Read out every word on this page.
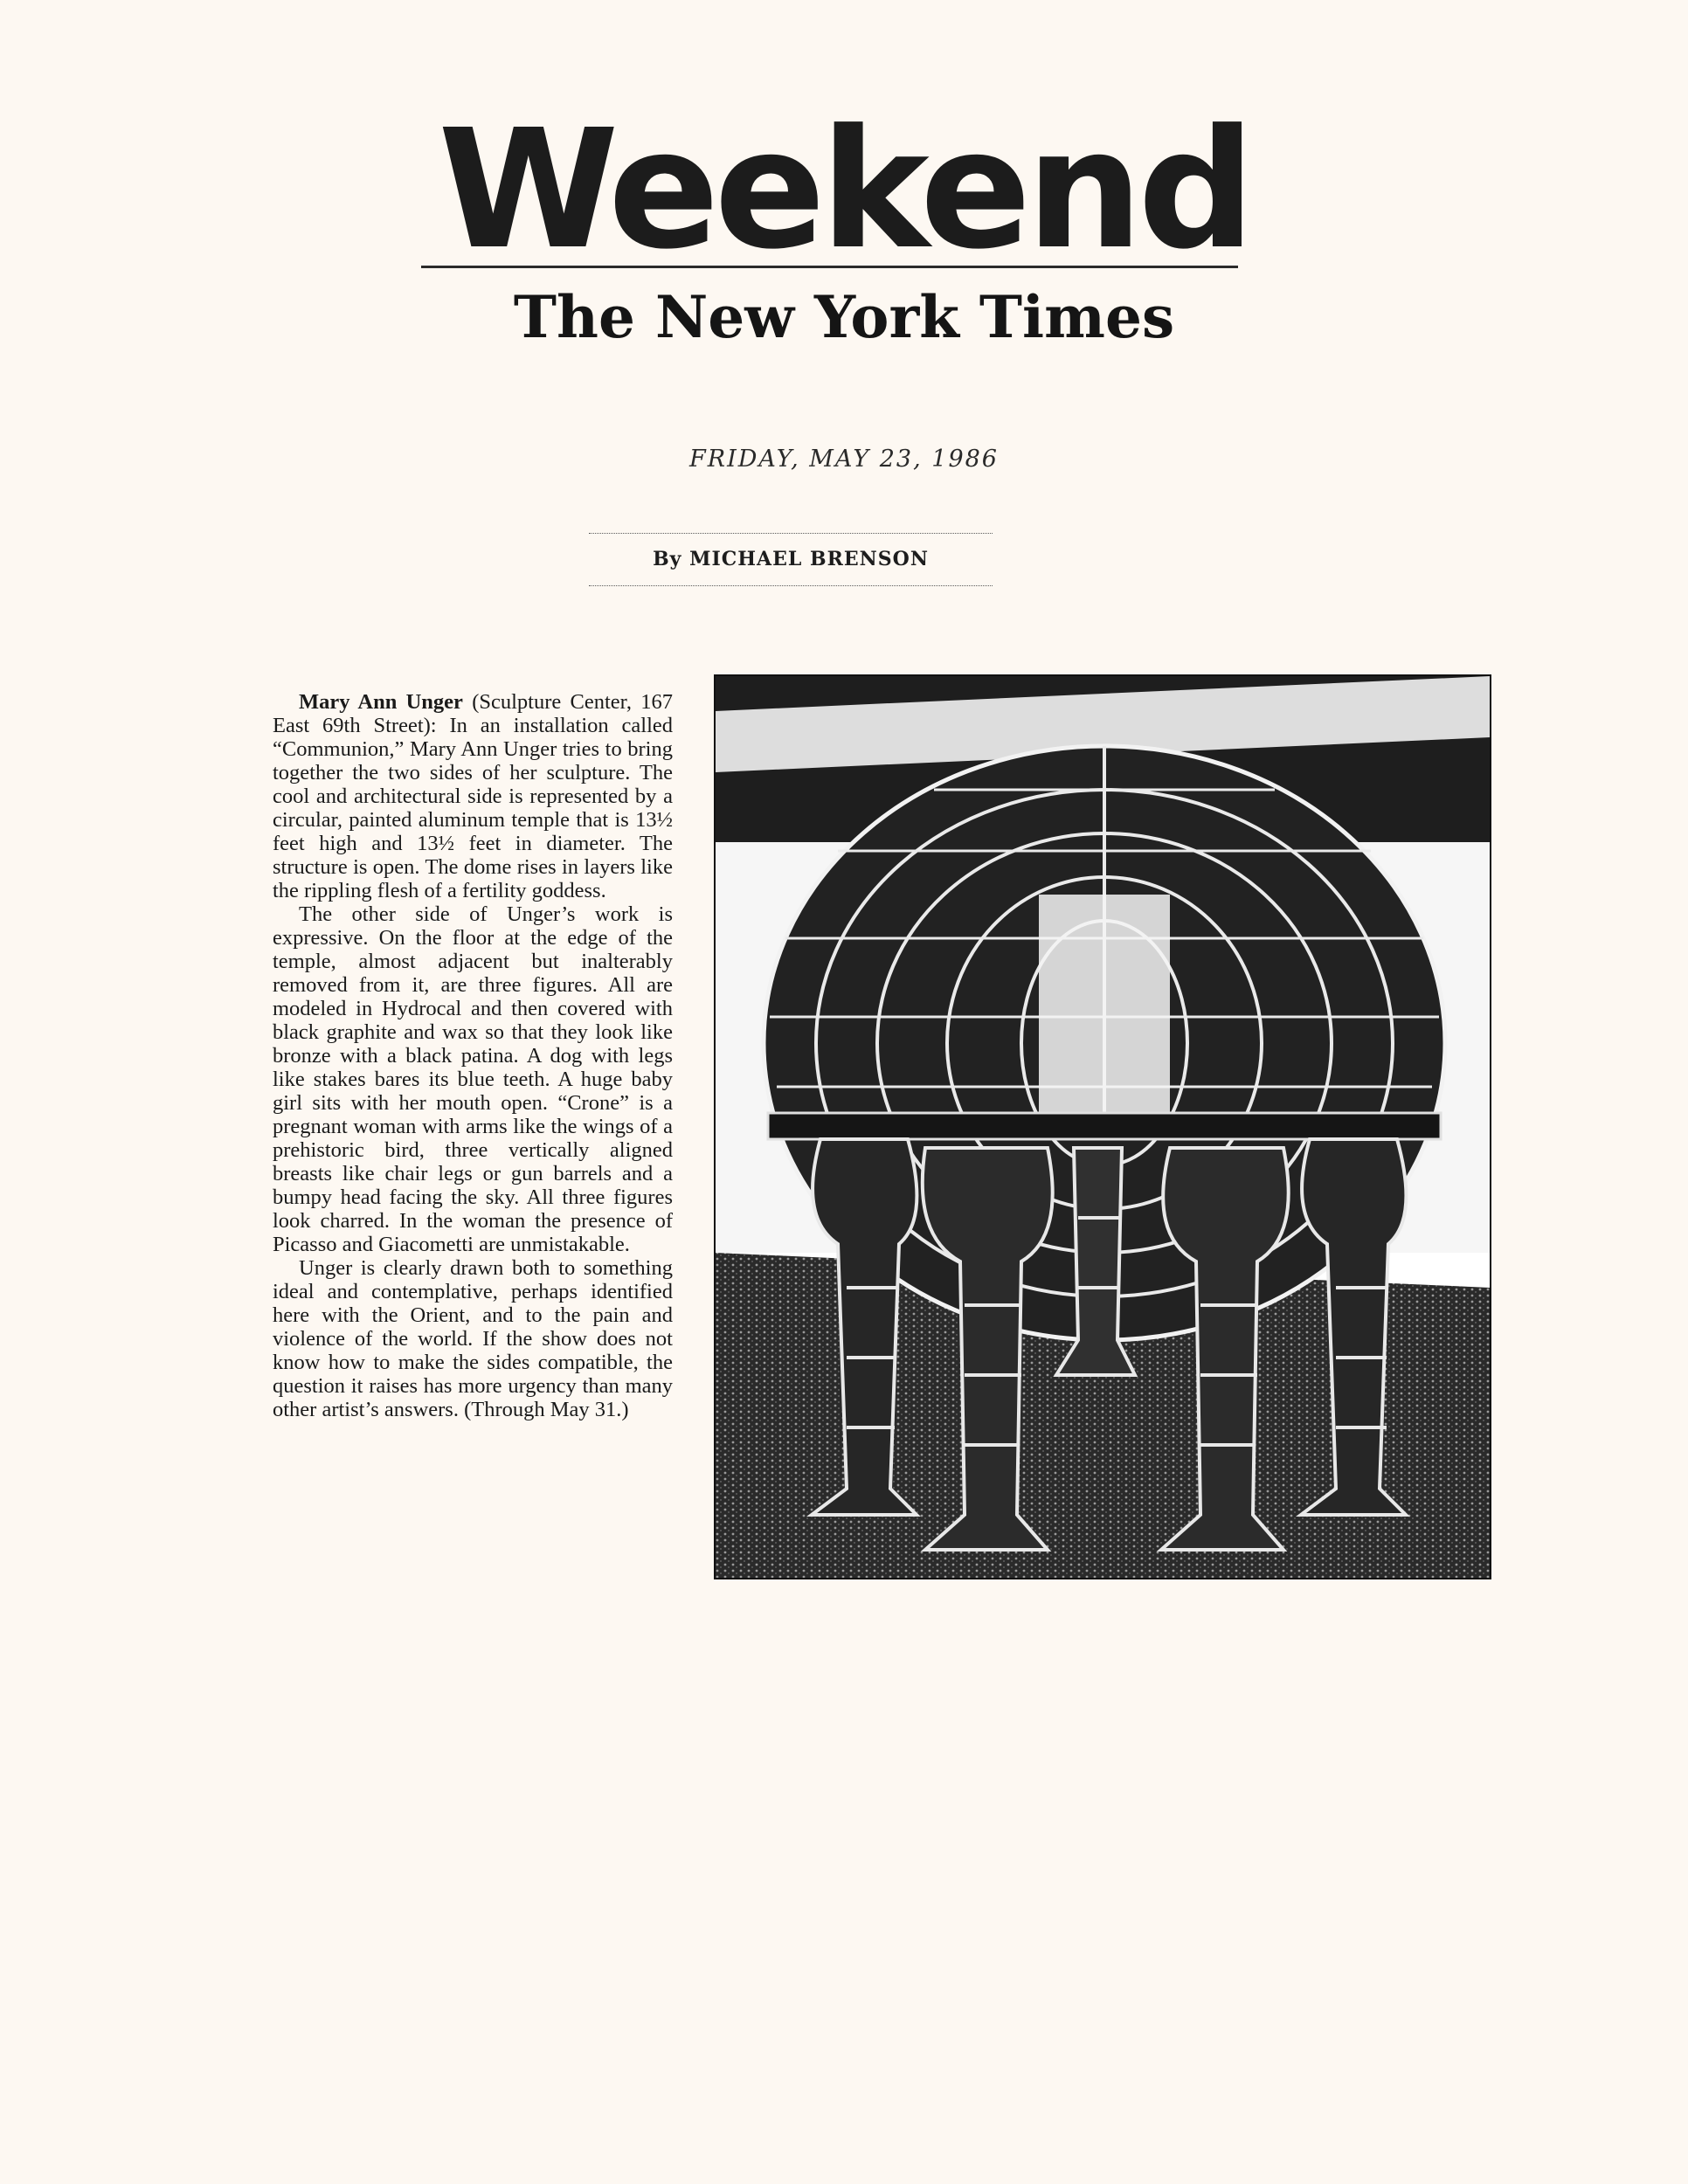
Weekend
The New York Times
FRIDAY, MAY 23, 1986
By MICHAEL BRENSON

Mary Ann Unger (Sculpture Center, 167 East 69th Street): In an installation called “Communion,” Mary Ann Unger tries to bring together the two sides of her sculpture. The cool and architectural side is represented by a circular, painted aluminum temple that is 13½ feet high and 13½ feet in diameter. The structure is open. The dome rises in layers like the rippling flesh of a fertility goddess.

The other side of Unger’s work is expressive. On the floor at the edge of the temple, almost adjacent but inalterably removed from it, are three figures. All are modeled in Hydrocal and then covered with black graphite and wax so that they look like bronze with a black patina. A dog with legs like stakes bares its blue teeth. A huge baby girl sits with her mouth open. “Crone” is a pregnant woman with arms like the wings of a prehistoric bird, three vertically aligned breasts like chair legs or gun barrels and a bumpy head facing the sky. All three figures look charred. In the woman the presence of Picasso and Giacometti are unmistakable.

Unger is clearly drawn both to something ideal and contemplative, perhaps identified here with the Orient, and to the pain and violence of the world. If the show does not know how to make the sides compatible, the question it raises has more urgency than many other artist’s answers. (Through May 31.)
